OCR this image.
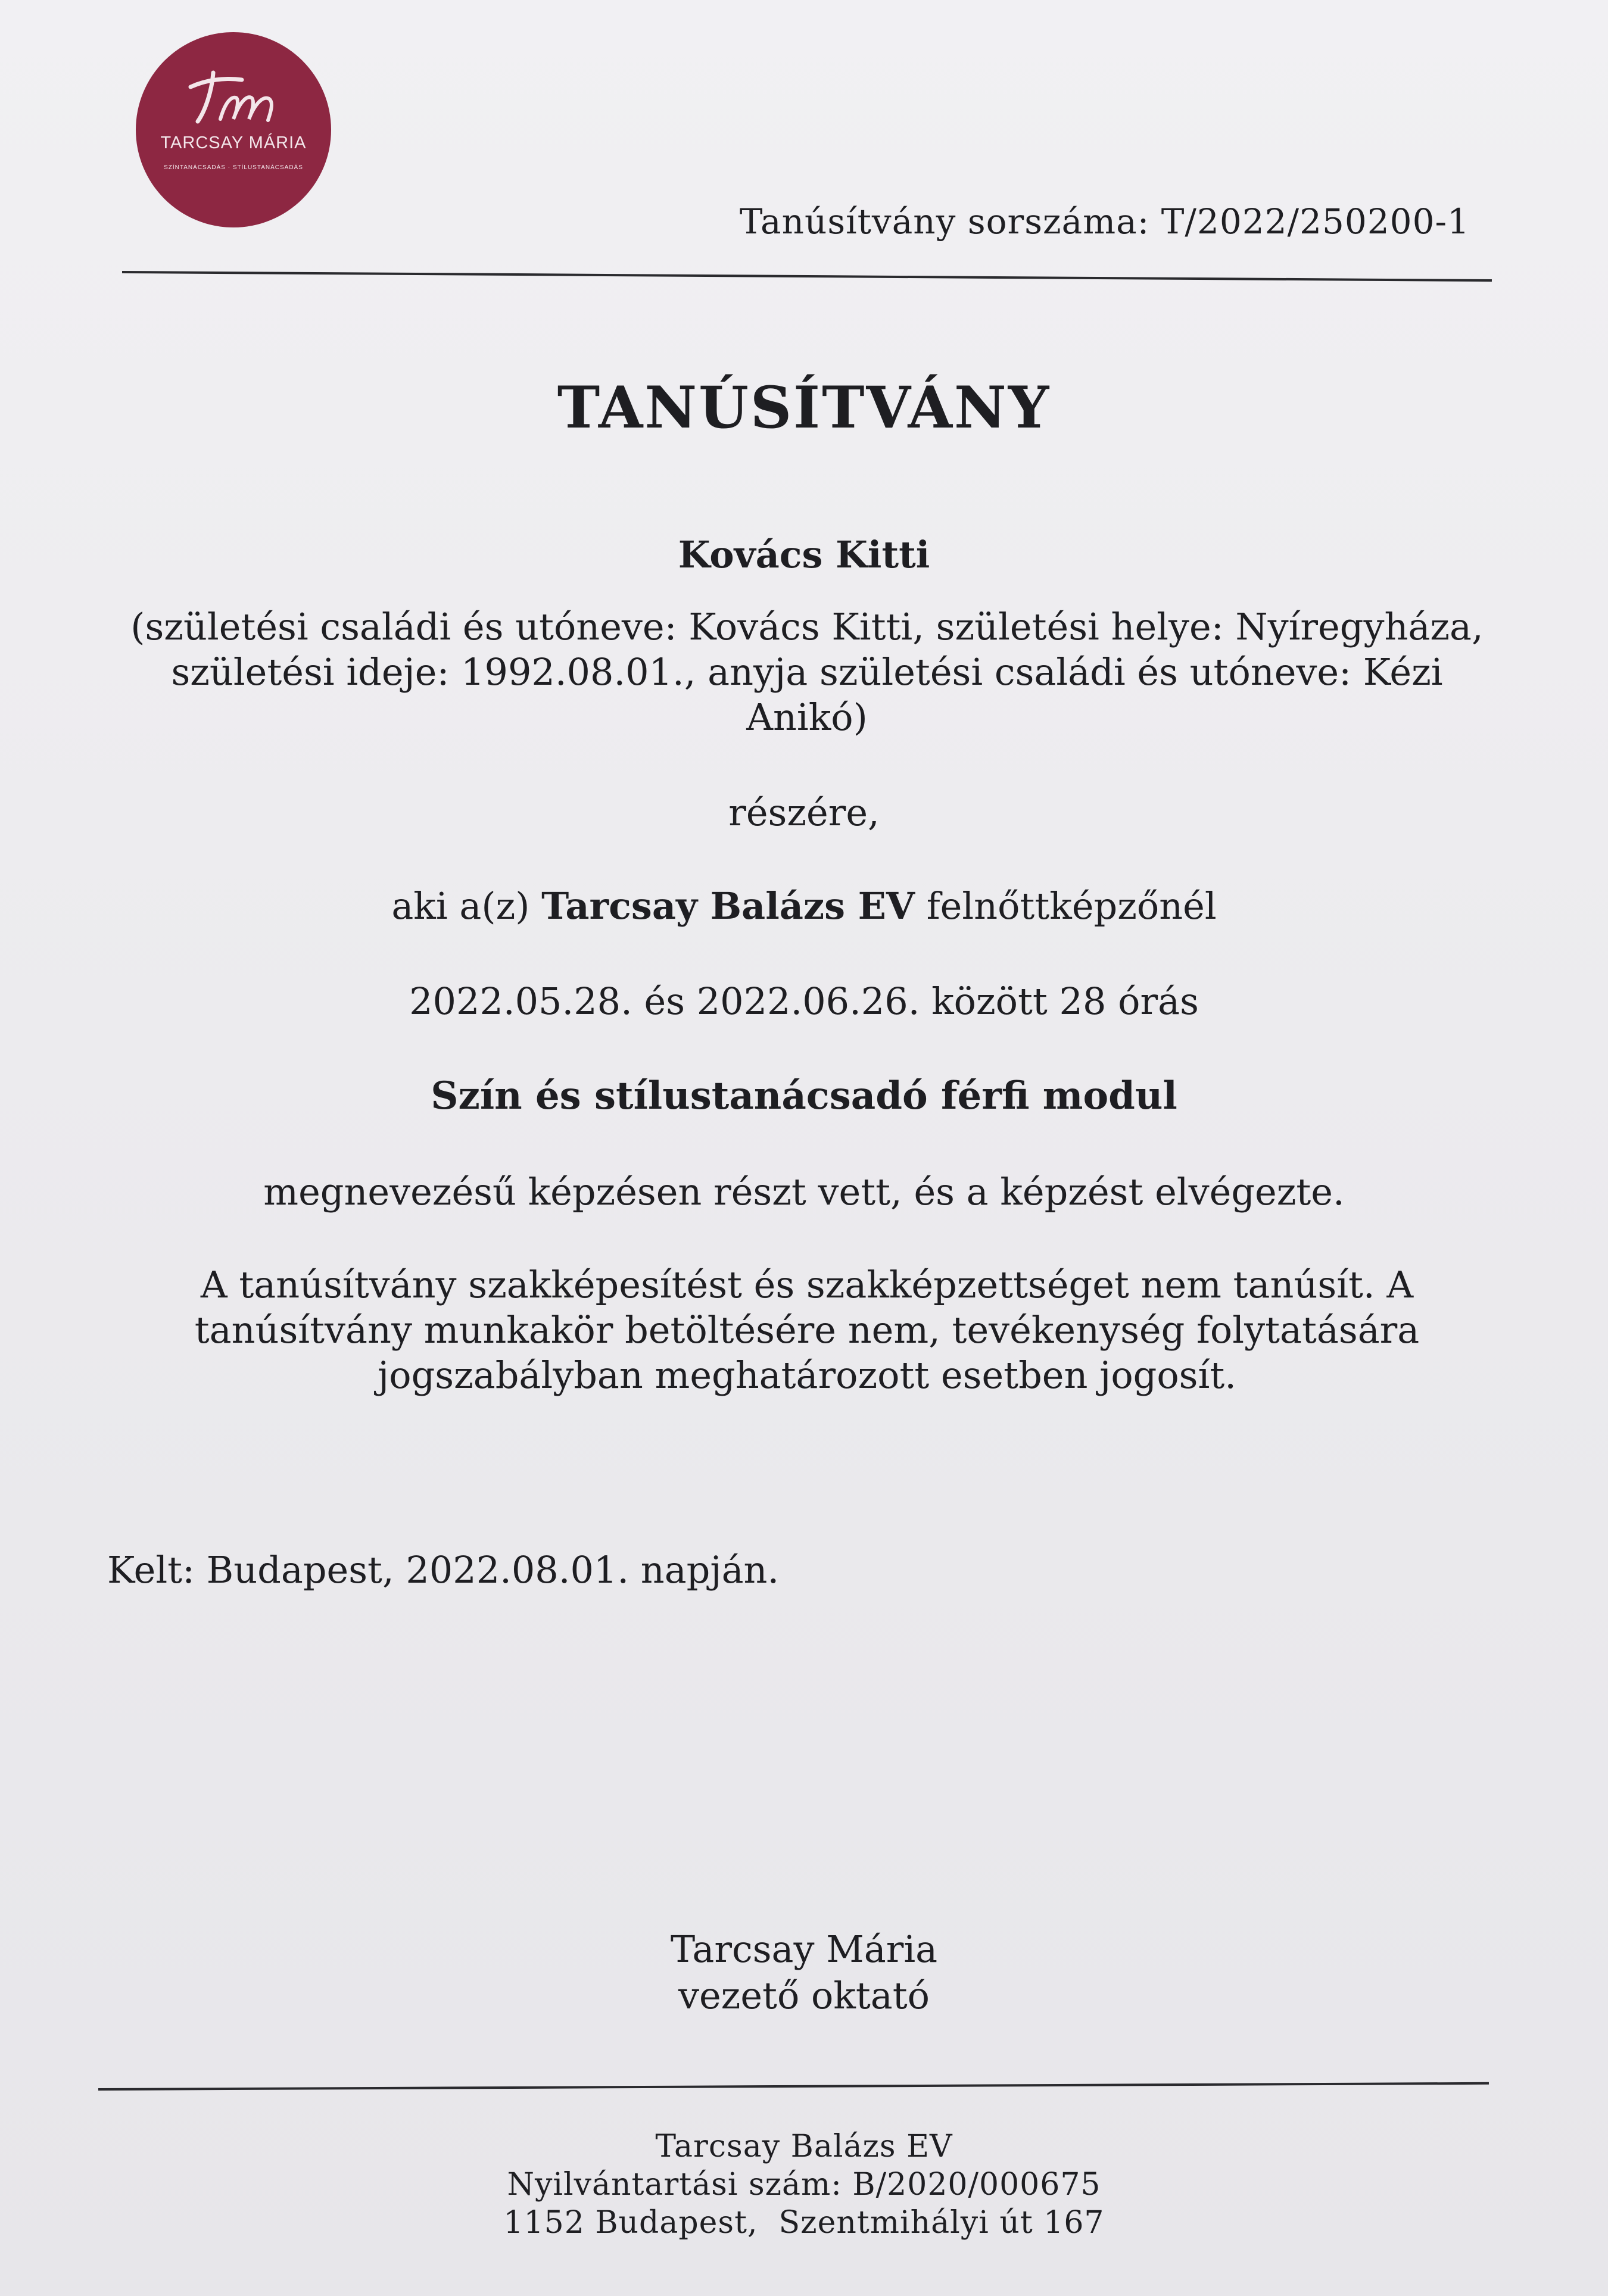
TARCSAY MÁRIA
SZÍNTANÁCSADÁS · STÍLUSTANÁCSADÁS
Tanúsítvány sorszáma: T/2022/250200-1
TANÚSÍTVÁNY
Kovács Kitti
(születési családi és utóneve: Kovács Kitti, születési helye: Nyíregyháza, születési ideje: 1992.08.01., anyja születési családi és utóneve: Kézi Anikó)
részére,
aki a(z) Tarcsay Balázs EV felnőttképzőnél
2022.05.28. és 2022.06.26. között 28 órás
Szín és stílustanácsadó férfi modul
megnevezésű képzésen részt vett, és a képzést elvégezte.
A tanúsítvány szakképesítést és szakképzettséget nem tanúsít. A tanúsítvány munkakör betöltésére nem, tevékenység folytatására jogszabályban meghatározott esetben jogosít.
Kelt: Budapest, 2022.08.01. napján.
Tarcsay Mária
vezető oktató
Tarcsay Balázs EV
Nyilvántartási szám: B/2020/000675
1152 Budapest,  Szentmihályi út 167
